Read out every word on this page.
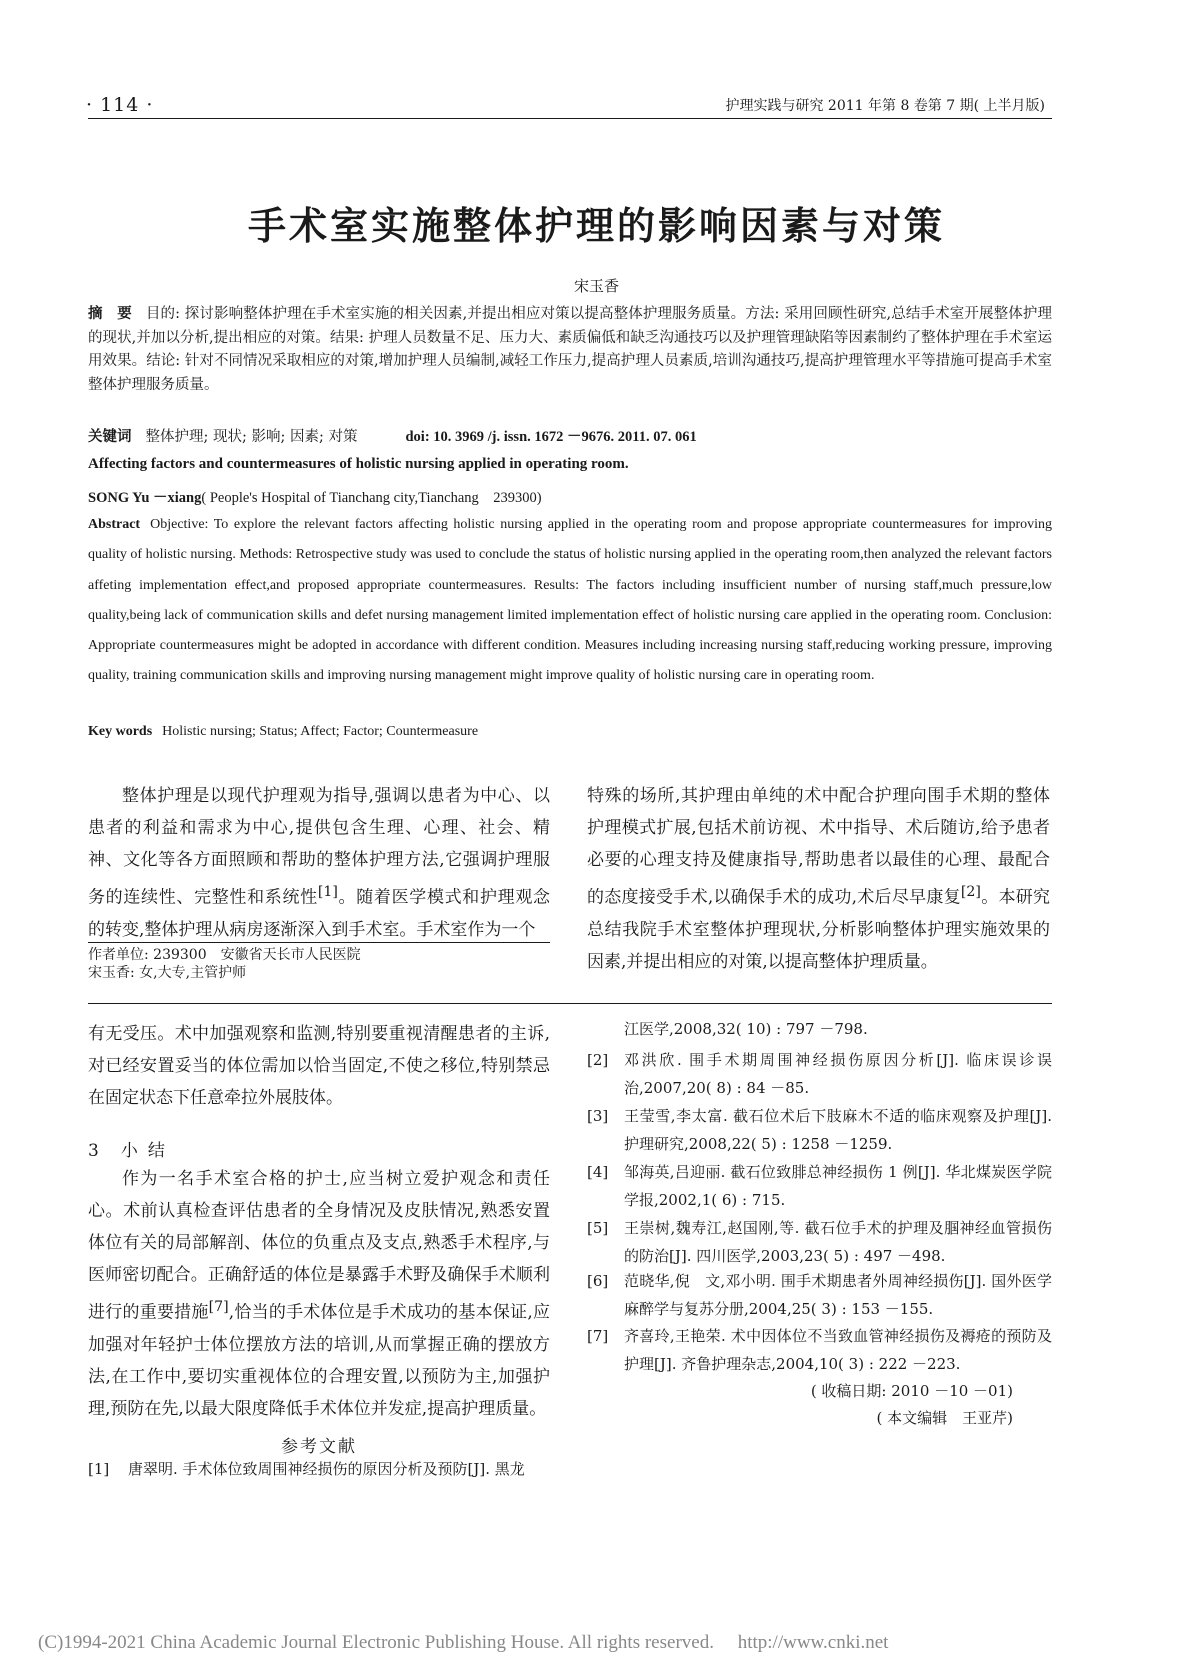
· 114 ·	护理实践与研究 2011 年第 8 卷第 7 期( 上半月版)
手术室实施整体护理的影响因素与对策
宋玉香
摘　要 目的: 探讨影响整体护理在手术室实施的相关因素,并提出相应对策以提高整体护理服务质量。方法: 采用回顾性研究,总结手术室开展整体护理的现状,并加以分析,提出相应的对策。结果: 护理人员数量不足、压力大、素质偏低和缺乏沟通技巧以及护理管理缺陷等因素制约了整体护理在手术室运用效果。结论: 针对不同情况采取相应的对策,增加护理人员编制,减轻工作压力,提高护理人员素质,培训沟通技巧,提高护理管理水平等措施可提高手术室整体护理服务质量。
关键词 整体护理; 现状; 影响; 因素; 对策	doi: 10. 3969 /j. issn. 1672 －9676. 2011. 07. 061
Affecting factors and countermeasures of holistic nursing applied in operating room.
SONG Yu －xiang( People's Hospital of Tianchang city,Tianchang　239300)
Abstract Objective: To explore the relevant factors affecting holistic nursing applied in the operating room and propose appropriate countermeasures for improving quality of holistic nursing. Methods: Retrospective study was used to conclude the status of holistic nursing applied in the operating room,then analyzed the relevant factors affeting implementation effect,and proposed appropriate countermeasures. Results: The factors including insufficient number of nursing staff,much pressure,low quality,being lack of communication skills and defet nursing management limited implementation effect of holistic nursing care applied in the operating room. Conclusion: Appropriate countermeasures might be adopted in accordance with different condition. Measures including increasing nursing staff,reducing working pressure, improving quality, training communication skills and improving nursing management might improve quality of holistic nursing care in operating room.
Key words Holistic nursing; Status; Affect; Factor; Countermeasure
整体护理是以现代护理观为指导,强调以患者为中心、以患者的利益和需求为中心,提供包含生理、心理、社会、精神、文化等各方面照顾和帮助的整体护理方法,它强调护理服务的连续性、完整性和系统性[1]。随着医学模式和护理观念的转变,整体护理从病房逐渐深入到手术室。手术室作为一个
特殊的场所,其护理由单纯的术中配合护理向围手术期的整体护理模式扩展,包括术前访视、术中指导、术后随访,给予患者必要的心理支持及健康指导,帮助患者以最佳的心理、最配合的态度接受手术,以确保手术的成功,术后尽早康复[2]。本研究总结我院手术室整体护理现状,分析影响整体护理实施效果的因素,并提出相应的对策,以提高整体护理质量。
作者单位: 239300　安徽省天长市人民医院
宋玉香: 女,大专,主管护师
有无受压。术中加强观察和监测,特别要重视清醒患者的主诉,对已经安置妥当的体位需加以恰当固定,不使之移位,特别禁忌在固定状态下任意牵拉外展肢体。
3 小结
作为一名手术室合格的护士,应当树立爱护观念和责任心。术前认真检查评估患者的全身情况及皮肤情况,熟悉安置体位有关的局部解剖、体位的负重点及支点,熟悉手术程序,与医师密切配合。正确舒适的体位是暴露手术野及确保手术顺利进行的重要措施[7],恰当的手术体位是手术成功的基本保证,应加强对年轻护士体位摆放方法的培训,从而掌握正确的摆放方法,在工作中,要切实重视体位的合理安置,以预防为主,加强护理,预防在先,以最大限度降低手术体位并发症,提高护理质量。
参考文献
[1]	唐翠明. 手术体位致周围神经损伤的原因分析及预防[J]. 黑龙
江医学,2008,32( 10) : 797 －798.
[2]	邓洪欣. 围手术期周围神经损伤原因分析[J]. 临床误诊误治,2007,20( 8) : 84 －85.
[3]	王莹雪,李太富. 截石位术后下肢麻木不适的临床观察及护理[J]. 护理研究,2008,22( 5) : 1258 －1259.
[4]	邹海英,吕迎丽. 截石位致腓总神经损伤 1 例[J]. 华北煤炭医学院学报,2002,1( 6) : 715.
[5]	王崇树,魏寿江,赵国刚,等. 截石位手术的护理及腘神经血管损伤的防治[J]. 四川医学,2003,23( 5) : 497 －498.
[6]	范晓华,倪　文,邓小明. 围手术期患者外周神经损伤[J]. 国外医学麻醉学与复苏分册,2004,25( 3) : 153 －155.
[7]	齐喜玲,王艳荣. 术中因体位不当致血管神经损伤及褥疮的预防及护理[J]. 齐鲁护理杂志,2004,10( 3) : 222 －223.
( 收稿日期: 2010 －10 －01)
( 本文编辑　王亚芹)
(C)1994-2021 China Academic Journal Electronic Publishing House. All rights reserved.　 http://www.cnki.net
